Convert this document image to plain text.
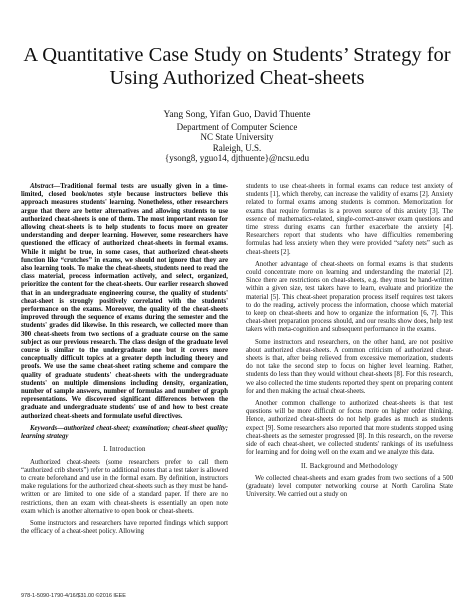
A Quantitative Case Study on Students’ Strategy for Using Authorized Cheat-sheets
Yang Song, Yifan Guo, David Thuente
Department of Computer Science
NC State University
Raleigh, U.S.
{ysong8, yguo14, djthuente}@ncsu.edu

Abstract—Traditional formal tests are usually given in a time-limited, closed book/notes style because instructors believe this approach measures students' learning. Nonetheless, other researchers argue that there are better alternatives and allowing students to use authorized cheat-sheets is one of them. The most important reason for allowing cheat-sheets is to help students to focus more on greater understanding and deeper learning. However, some researchers have questioned the efficacy of authorized cheat-sheets in formal exams. While it might be true, in some cases, that authorized cheat-sheets function like “crutches” in exams, we should not ignore that they are also learning tools. To make the cheat-sheets, students need to read the class material, process information actively, and select, organized, prioritize the content for the cheat-sheets. Our earlier research showed that in an undergraduate engineering course, the quality of students' cheat-sheet is strongly positively correlated with the students' performance on the exams. Moreover, the quality of the cheat-sheets improved through the sequence of exams during the semester and the students' grades did likewise. In this research, we collected more than 300 cheat-sheets from two sections of a graduate course on the same subject as our previous research. The class design of the graduate level course is similar to the undergraduate one but it covers more conceptually difficult topics at a greater depth including theory and proofs. We use the same cheat-sheet rating scheme and compare the quality of graduate students' cheat-sheets with the undergraduate students' on multiple dimensions including density, organization, number of sample answers, number of formulas and number of graph representations. We discovered significant differences between the graduate and undergraduate students' use of and how to best create authorized cheat-sheets and formulate useful directives.

Keywords—authorized cheat-sheet; examination; cheat-sheet quality; learning strategy

I. Introduction

Authorized cheat-sheets (some researchers prefer to call them “authorized crib sheets”) refer to additional notes that a test taker is allowed to create beforehand and use in the formal exam. By definition, instructors make regulations for the authorized cheat-sheets such as they must be hand-written or are limited to one side of a standard paper. If there are no restrictions, then an exam with cheat-sheets is essentially an open note exam which is another alternative to open book or cheat-sheets.

Some instructors and researchers have reported findings which support the efficacy of a cheat-sheet policy. Allowing

students to use cheat-sheets in formal exams can reduce test anxiety of students [1], which thereby, can increase the validity of exams [2]. Anxiety related to formal exams among students is common. Memorization for exams that require formulas is a proven source of this anxiety [3]. The essence of mathematics-related, single-correct-answer exam questions and time stress during exams can further exacerbate the anxiety [4]. Researchers report that students who have difficulties remembering formulas had less anxiety when they were provided “safety nets” such as cheat-sheets [2].

Another advantage of cheat-sheets on formal exams is that students could concentrate more on learning and understanding the material [2]. Since there are restrictions on cheat-sheets, e.g. they must be hand-written within a given size, test takers have to learn, evaluate and prioritize the material [5]. This cheat-sheet preparation process itself requires test takers to do the reading, actively process the information, choose which material to keep on cheat-sheets and how to organize the information [6, 7]. This cheat-sheet preparation process should, and our results show does, help test takers with meta-cognition and subsequent performance in the exams.

Some instructors and researchers, on the other hand, are not positive about authorized cheat-sheets. A common criticism of authorized cheat-sheets is that, after being relieved from excessive memorization, students do not take the second step to focus on higher level learning. Rather, students do less than they would without cheat-sheets [8]. For this research, we also collected the time students reported they spent on preparing content for and then making the actual cheat-sheets.

Another common challenge to authorized cheat-sheets is that test questions will be more difficult or focus more on higher order thinking. Hence, authorized cheat-sheets do not help grades as much as students expect [9]. Some researchers also reported that more students stopped using cheat-sheets as the semester progressed [8]. In this research, on the reverse side of each cheat-sheet, we collected students' rankings of its usefulness for learning and for doing well on the exam and we analyze this data.

II. Background and Methodology

We collected cheat-sheets and exam grades from two sections of a 500 (graduate) level computer networking course at North Carolina State University. We carried out a study on

978-1-5090-1790-4/16/$31.00 ©2016 IEEE
